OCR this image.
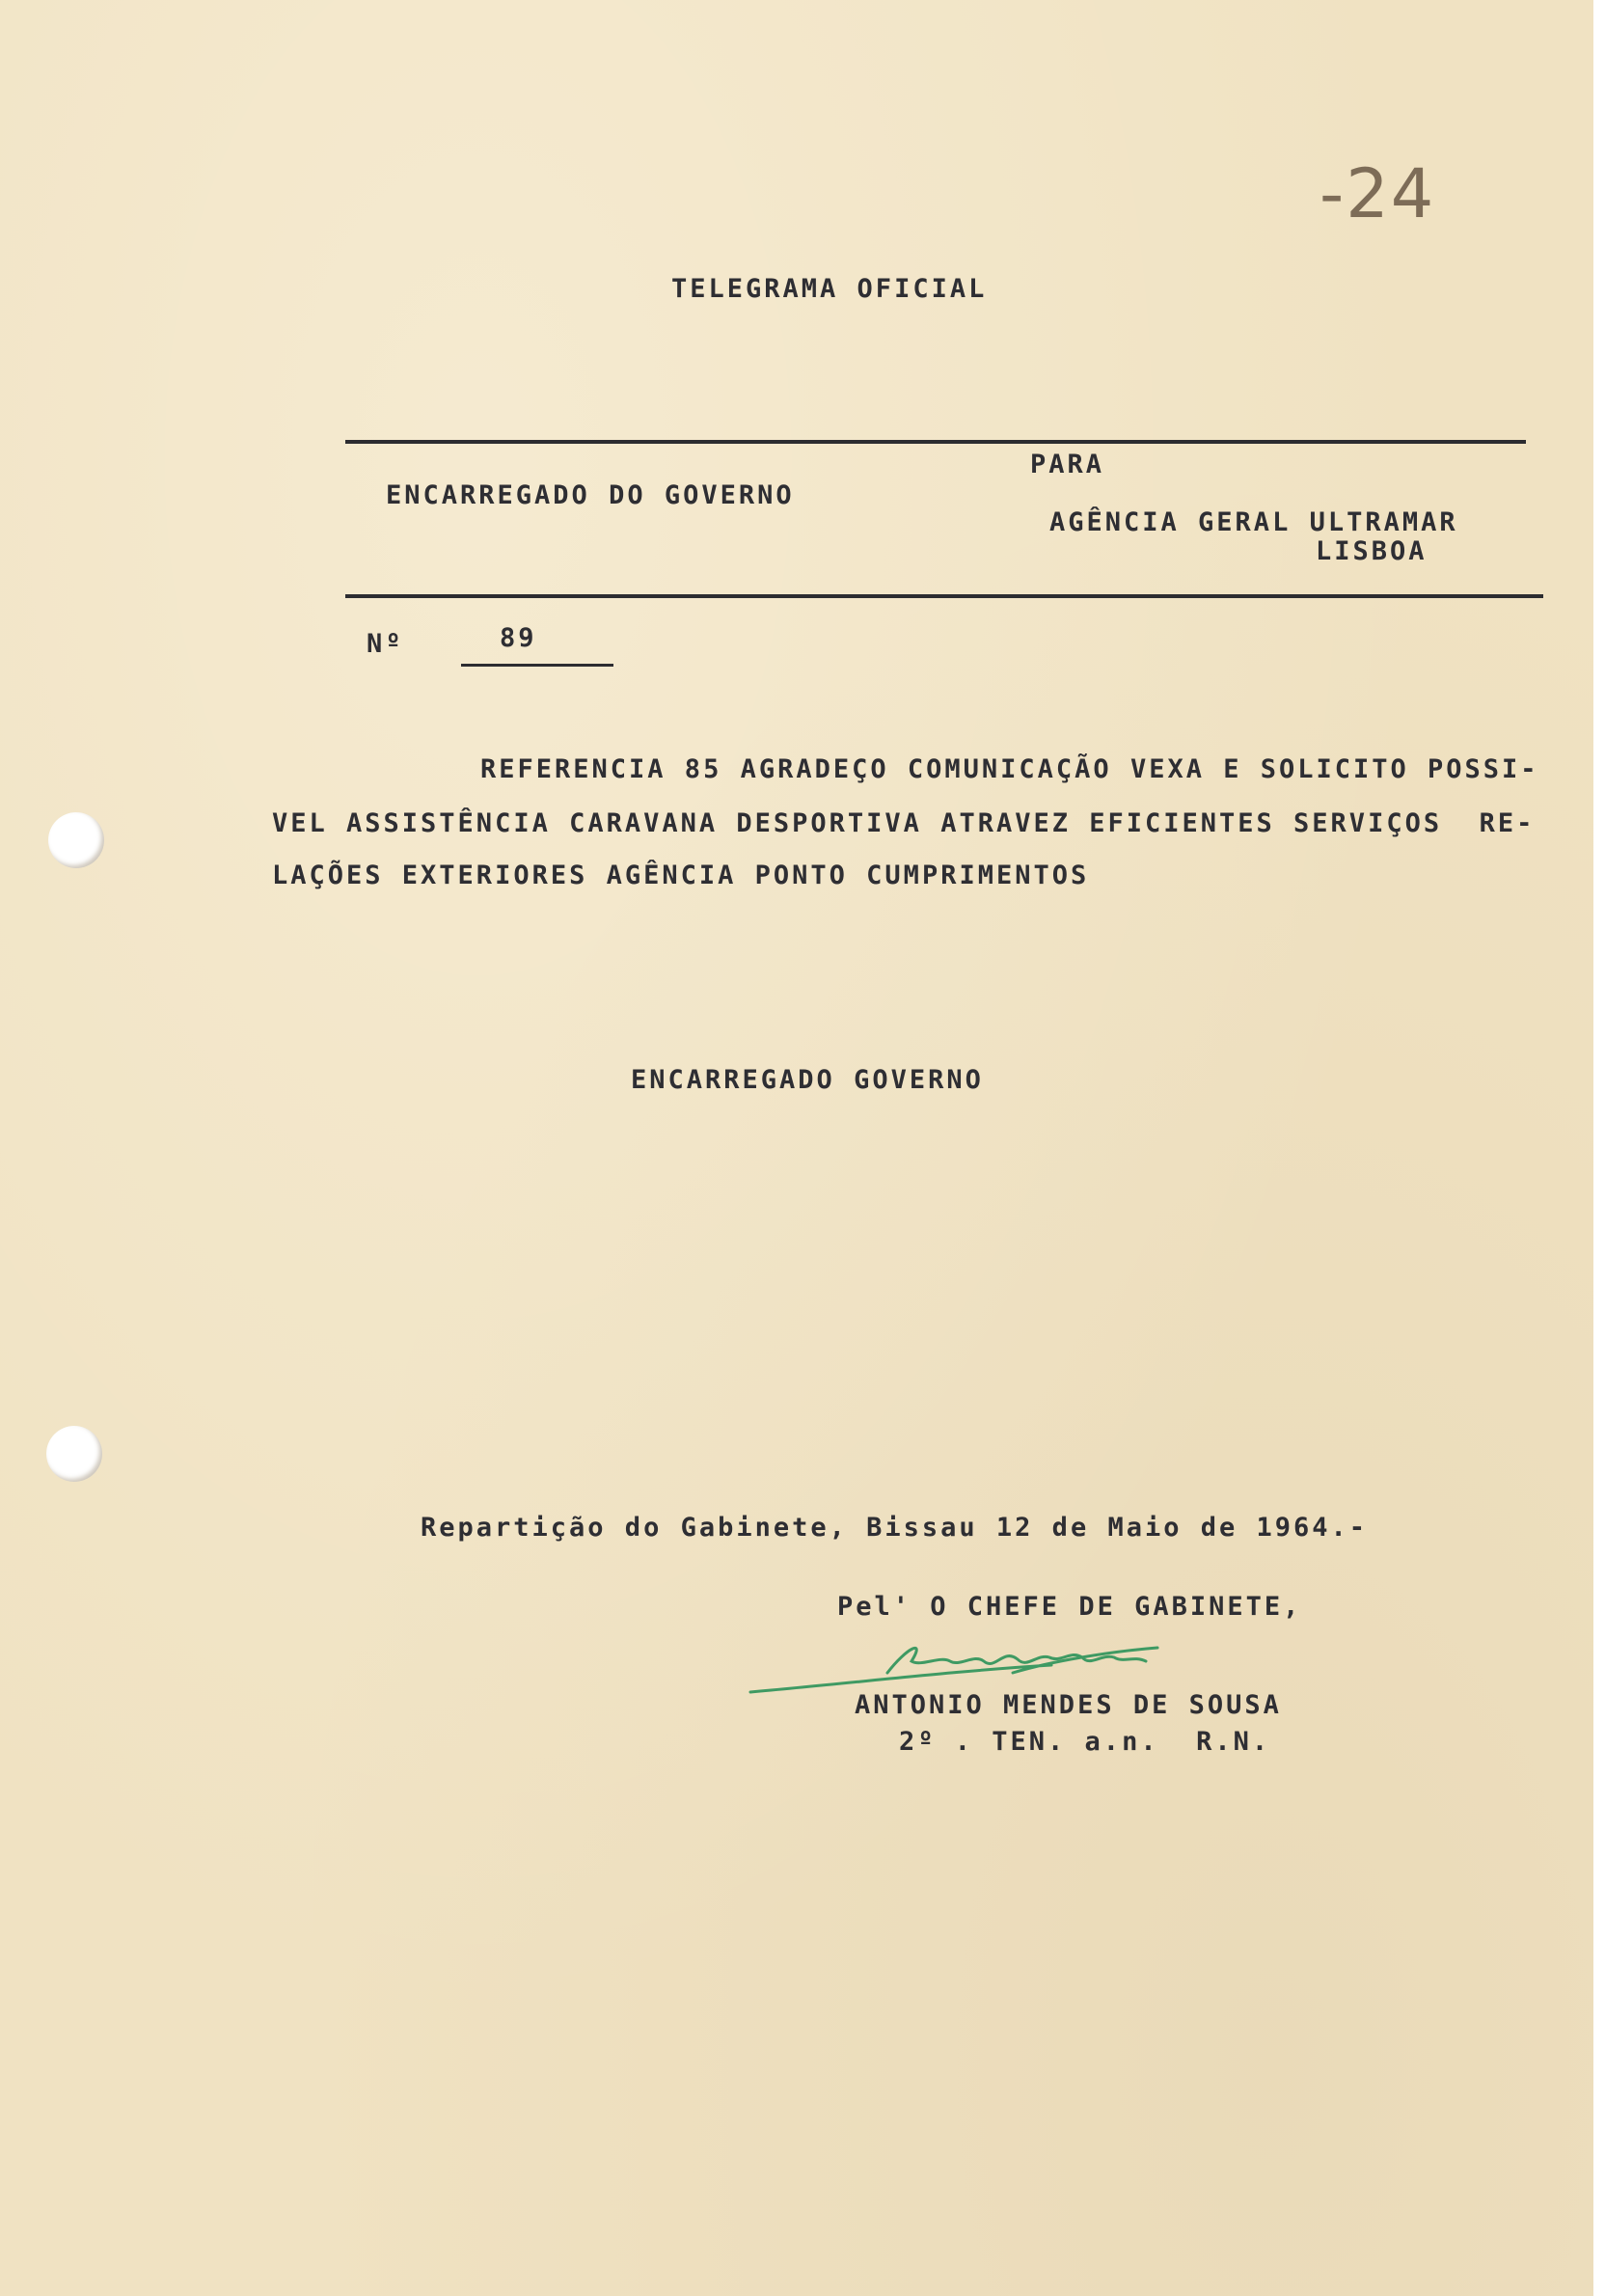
-24
TELEGRAMA OFICIAL
ENCARREGADO DO GOVERNO
PARA
AGÊNCIA GERAL ULTRAMAR
LISBOA
Nº	89
REFERENCIA 85 AGRADEÇO COMUNICAÇÃO VEXA E SOLICITO POSSI-
VEL ASSISTÊNCIA CARAVANA DESPORTIVA ATRAVEZ EFICIENTES SERVIÇOS  RE-
LAÇÕES EXTERIORES AGÊNCIA PONTO CUMPRIMENTOS
ENCARREGADO GOVERNO
Repartição do Gabinete, Bissau 12 de Maio de 1964.-
Pel' O CHEFE DE GABINETE,
ANTONIO MENDES DE SOUSA
2º . TEN. a.n.  R.N.
